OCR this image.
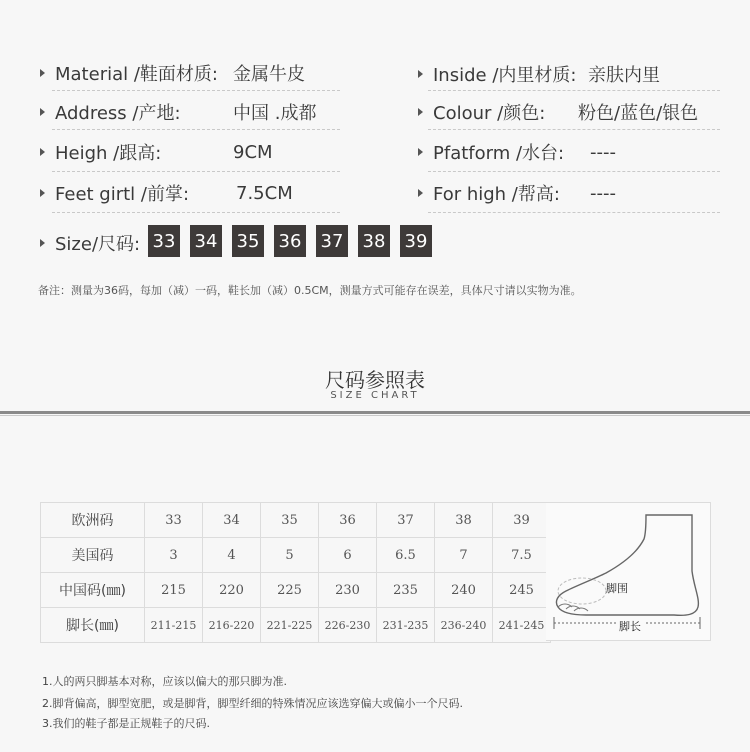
Material /鞋面材质: 金属牛皮
Address /产地:	中国 .成都
Heigh /跟高:	9CM
Feet girtl /前掌:	7.5CM
Inside /内里材质: 亲肤内里
Colour /颜色: 粉色/蓝色/银色
Pfatform /水台: ----
For high /帮高: ----
Size/尺码: 33 34 35 36 37 38 39
备注：测量为36码，每加（减）一码，鞋长加（减）0.5CM，测量方式可能存在误差，具体尺寸请以实物为准。
尺码参照表
SIZE CHART
欧洲码	33	34	35	36	37	38	39
美国码	3	4	5	6	6.5	7	7.5
中国码(㎜)	215	220	225	230	235	240	245
脚长(㎜)	211-215	216-220	221-225	226-230	231-235	236-240	241-245
脚围
脚长
1.人的两只脚基本对称，应该以偏大的那只脚为准.
2.脚背偏高，脚型宽肥，或是脚背，脚型纤细的特殊情况应该选穿偏大或偏小一个尺码.
3.我们的鞋子都是正规鞋子的尺码.
